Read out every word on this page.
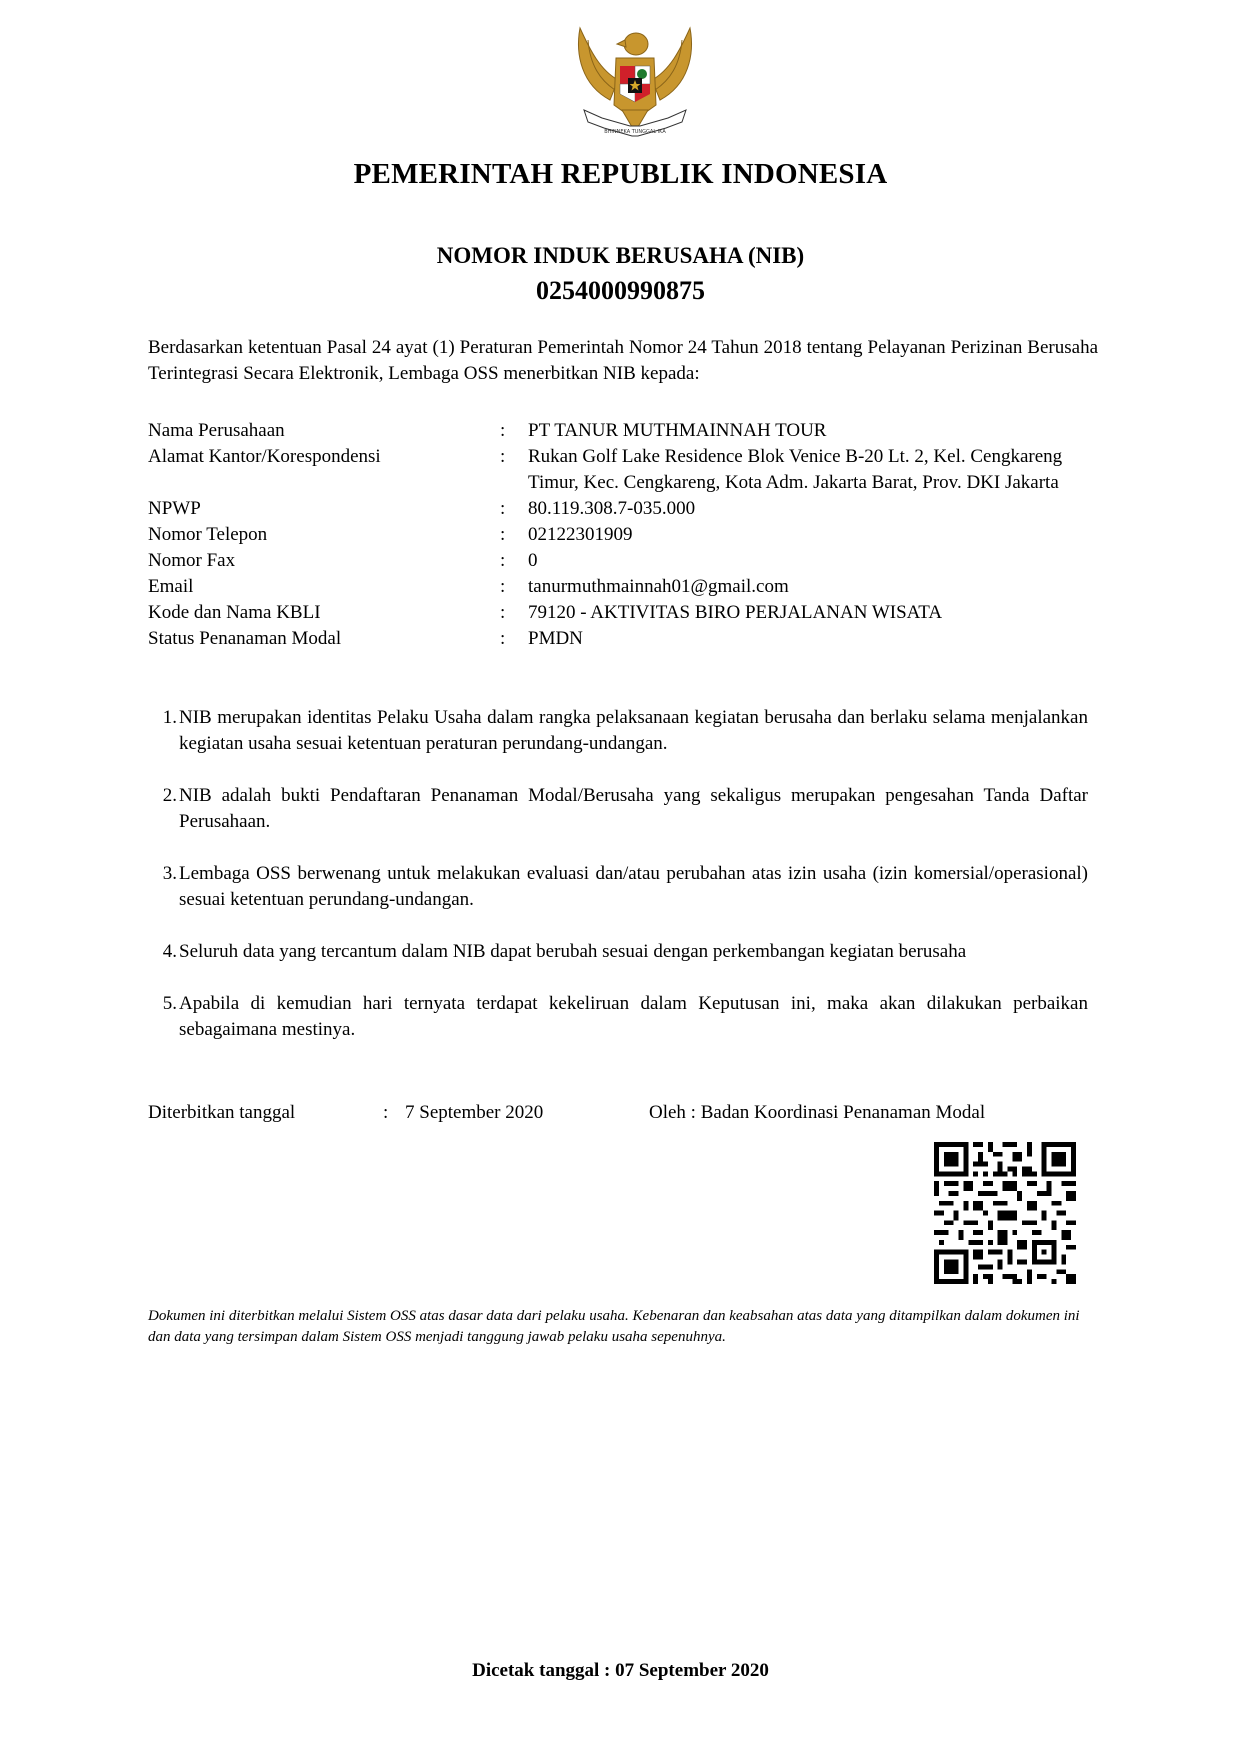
BHINNEKA TUNGGAL IKA
PEMERINTAH REPUBLIK INDONESIA
NOMOR INDUK BERUSAHA (NIB)
0254000990875
Berdasarkan ketentuan Pasal 24 ayat (1) Peraturan Pemerintah Nomor 24 Tahun 2018 tentang Pelayanan Perizinan Berusaha Terintegrasi Secara Elektronik, Lembaga OSS menerbitkan NIB kepada:
Nama Perusahaan	:	PT TANUR MUTHMAINNAH TOUR
Alamat Kantor/Korespondensi	:	Rukan Golf Lake Residence Blok Venice B-20 Lt. 2, Kel. Cengkareng Timur, Kec. Cengkareng, Kota Adm. Jakarta Barat, Prov. DKI Jakarta
NPWP	:	80.119.308.7-035.000
Nomor Telepon	:	02122301909
Nomor Fax	:	0
Email	:	tanurmuthmainnah01@gmail.com
Kode dan Nama KBLI	:	79120 - AKTIVITAS BIRO PERJALANAN WISATA
Status Penanaman Modal	:	PMDN
1. NIB merupakan identitas Pelaku Usaha dalam rangka pelaksanaan kegiatan berusaha dan berlaku selama menjalankan kegiatan usaha sesuai ketentuan peraturan perundang-undangan.
2. NIB adalah bukti Pendaftaran Penanaman Modal/Berusaha yang sekaligus merupakan pengesahan Tanda Daftar Perusahaan.
3. Lembaga OSS berwenang untuk melakukan evaluasi dan/atau perubahan atas izin usaha (izin komersial/operasional) sesuai ketentuan perundang-undangan.
4. Seluruh data yang tercantum dalam NIB dapat berubah sesuai dengan perkembangan kegiatan berusaha
5. Apabila di kemudian hari ternyata terdapat kekeliruan dalam Keputusan ini, maka akan dilakukan perbaikan sebagaimana mestinya.
Diterbitkan tanggal	: 7 September 2020	Oleh : Badan Koordinasi Penanaman Modal
Dokumen ini diterbitkan melalui Sistem OSS atas dasar data dari pelaku usaha. Kebenaran dan keabsahan atas data yang ditampilkan dalam dokumen ini dan data yang tersimpan dalam Sistem OSS menjadi tanggung jawab pelaku usaha sepenuhnya.
Dicetak tanggal : 07 September 2020
